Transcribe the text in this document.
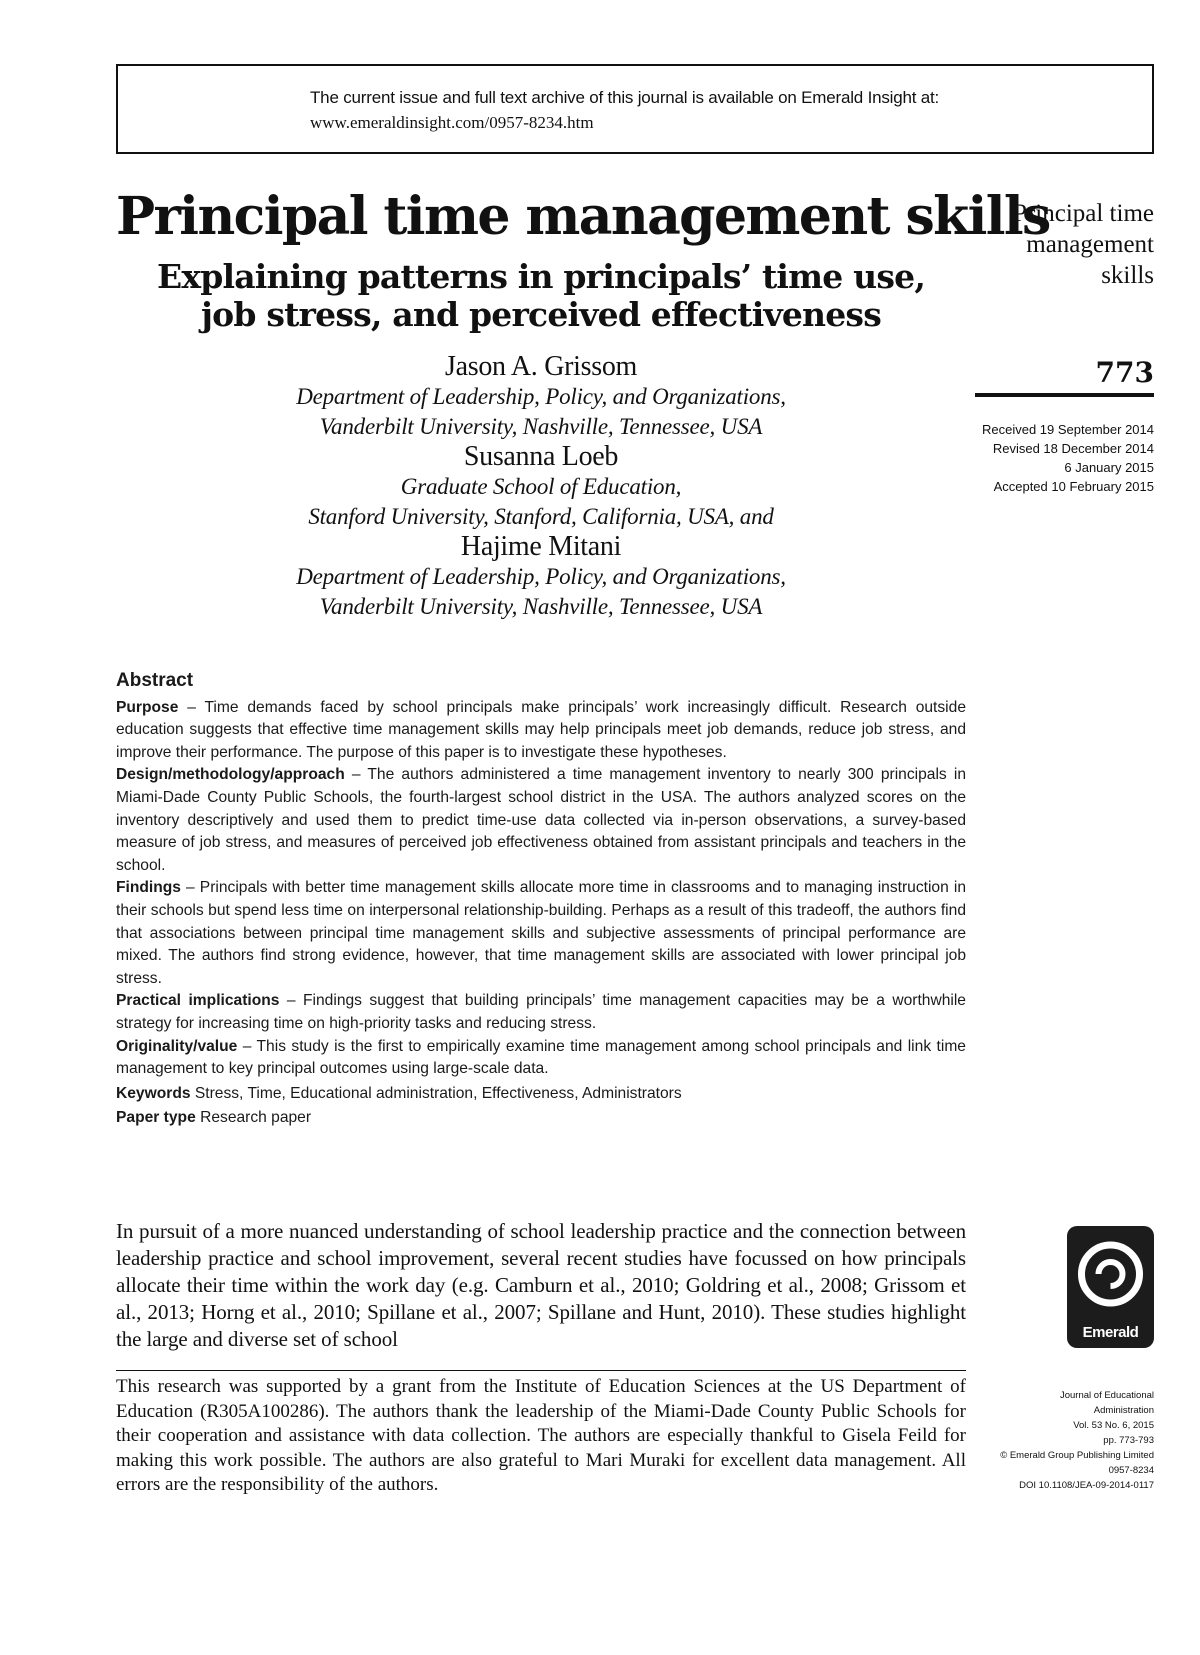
The current issue and full text archive of this journal is available on Emerald Insight at:
www.emeraldinsight.com/0957-8234.htm
Principal time management skills
Explaining patterns in principals’ time use,
job stress, and perceived effectiveness
Jason A. Grissom
Department of Leadership, Policy, and Organizations,
Vanderbilt University, Nashville, Tennessee, USA
Susanna Loeb
Graduate School of Education,
Stanford University, Stanford, California, USA, and
Hajime Mitani
Department of Leadership, Policy, and Organizations,
Vanderbilt University, Nashville, Tennessee, USA
Principal time
management
skills
773
Received 19 September 2014
Revised 18 December 2014
6 January 2015
Accepted 10 February 2015
Abstract

Purpose – Time demands faced by school principals make principals’ work increasingly difficult. Research outside education suggests that effective time management skills may help principals meet job demands, reduce job stress, and improve their performance. The purpose of this paper is to investigate these hypotheses.

Design/methodology/approach – The authors administered a time management inventory to nearly 300 principals in Miami-Dade County Public Schools, the fourth-largest school district in the USA. The authors analyzed scores on the inventory descriptively and used them to predict time-use data collected via in-person observations, a survey-based measure of job stress, and measures of perceived job effectiveness obtained from assistant principals and teachers in the school.

Findings – Principals with better time management skills allocate more time in classrooms and to managing instruction in their schools but spend less time on interpersonal relationship-building. Perhaps as a result of this tradeoff, the authors find that associations between principal time management skills and subjective assessments of principal performance are mixed. The authors find strong evidence, however, that time management skills are associated with lower principal job stress.

Practical implications – Findings suggest that building principals’ time management capacities may be a worthwhile strategy for increasing time on high-priority tasks and reducing stress.

Originality/value – This study is the first to empirically examine time management among school principals and link time management to key principal outcomes using large-scale data.

Keywords Stress, Time, Educational administration, Effectiveness, Administrators

Paper type Research paper

In pursuit of a more nuanced understanding of school leadership practice and the connection between leadership practice and school improvement, several recent studies have focussed on how principals allocate their time within the work day (e.g. Camburn et al., 2010; Goldring et al., 2008; Grissom et al., 2013; Horng et al., 2010; Spillane et al., 2007; Spillane and Hunt, 2010). These studies highlight the large and diverse set of school	Emerald

This research was supported by a grant from the Institute of Education Sciences at the US Department of Education (R305A100286). The authors thank the leadership of the Miami-Dade County Public Schools for their cooperation and assistance with data collection. The authors are especially thankful to Gisela Feild for making this work possible. The authors are also grateful to Mari Muraki for excellent data management. All errors are the responsibility of the authors.

Journal of Educational
Administration
Vol. 53 No. 6, 2015
pp. 773-793
© Emerald Group Publishing Limited
0957-8234
DOI 10.1108/JEA-09-2014-0117
